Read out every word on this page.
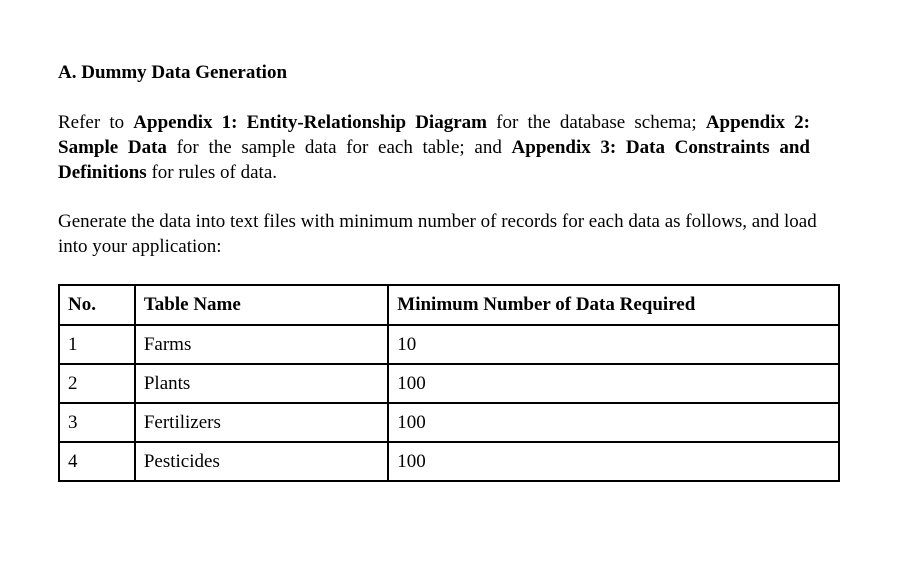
A. Dummy Data Generation

Refer to Appendix 1: Entity-Relationship Diagram for the database schema; Appendix 2: Sample Data for the sample data for each table; and Appendix 3: Data Constraints and Definitions for rules of data.

Generate the data into text files with minimum number of records for each data as follows, and load into your application:

No.	Table Name	Minimum Number of Data Required
1	Farms	10
2	Plants	100
3	Fertilizers	100
4	Pesticides	100
